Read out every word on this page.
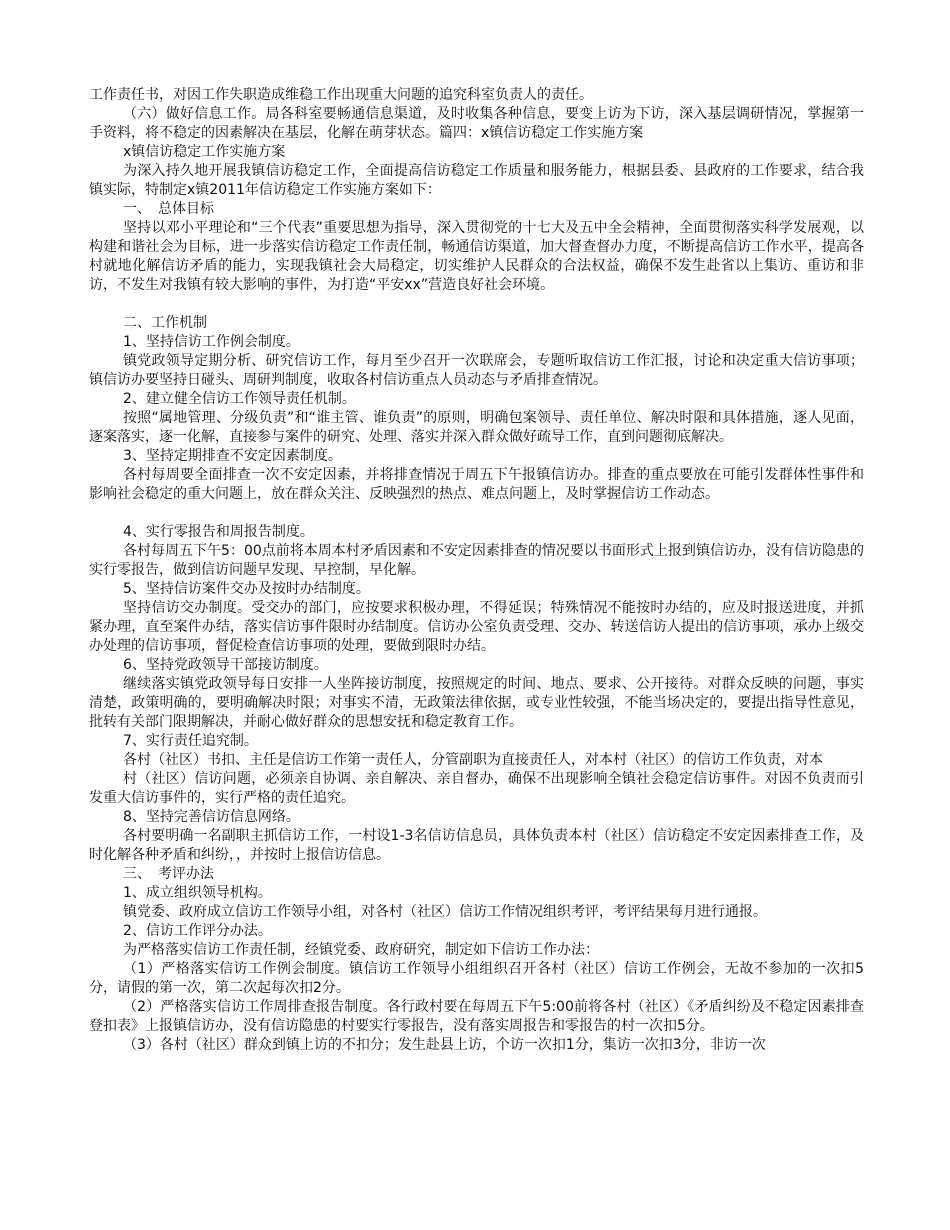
工作责任书，对因工作失职造成维稳工作出现重大问题的追究科室负责人的责任。

（六）做好信息工作。局各科室要畅通信息渠道，及时收集各种信息，要变上访为下访，深入基层调研情况，掌握第一手资料，将不稳定的因素解决在基层，化解在萌芽状态。篇四：x镇信访稳定工作实施方案

x镇信访稳定工作实施方案

为深入持久地开展我镇信访稳定工作，全面提高信访稳定工作质量和服务能力，根据县委、县政府的工作要求，结合我镇实际，特制定x镇2011年信访稳定工作实施方案如下：

一、　总体目标

坚持以邓小平理论和“三个代表”重要思想为指导，深入贯彻党的十七大及五中全会精神，全面贯彻落实科学发展观，以构建和谐社会为目标，进一步落实信访稳定工作责任制，畅通信访渠道，加大督查督办力度，不断提高信访工作水平，提高各村就地化解信访矛盾的能力，实现我镇社会大局稳定，切实维护人民群众的合法权益，确保不发生赴省以上集访、重访和非访，不发生对我镇有较大影响的事件，为打造“平安xx”营造良好社会环境。

二、工作机制

1、坚持信访工作例会制度。

镇党政领导定期分析、研究信访工作，每月至少召开一次联席会，专题听取信访工作汇报，讨论和决定重大信访事项；镇信访办要坚持日碰头、周研判制度，收取各村信访重点人员动态与矛盾排查情况。

2、建立健全信访工作领导责任机制。

按照“属地管理、分级负责”和“谁主管、谁负责”的原则，明确包案领导、责任单位、解决时限和具体措施，逐人见面，逐案落实，逐一化解，直接参与案件的研究、处理、落实并深入群众做好疏导工作，直到问题彻底解决。

3、坚持定期排查不安定因素制度。

各村每周要全面排查一次不安定因素，并将排查情况于周五下午报镇信访办。排查的重点要放在可能引发群体性事件和影响社会稳定的重大问题上，放在群众关注、反映强烈的热点、难点问题上，及时掌握信访工作动态。

4、实行零报告和周报告制度。

各村每周五下午5：00点前将本周本村矛盾因素和不安定因素排查的情况要以书面形式上报到镇信访办，没有信访隐患的实行零报告，做到信访问题早发现、早控制，早化解。

5、坚持信访案件交办及按时办结制度。

坚持信访交办制度。受交办的部门，应按要求积极办理，不得延误；特殊情况不能按时办结的，应及时报送进度，并抓紧办理，直至案件办结，落实信访事件限时办结制度。信访办公室负责受理、交办、转送信访人提出的信访事项，承办上级交办处理的信访事项，督促检查信访事项的处理，要做到限时办结。

6、坚持党政领导干部接访制度。

继续落实镇党政领导每日安排一人坐阵接访制度，按照规定的时间、地点、要求、公开接待。对群众反映的问题，事实清楚，政策明确的，要明确解决时限；对事实不清，无政策法律依据，或专业性较强，不能当场决定的，要提出指导性意见，批转有关部门限期解决，并耐心做好群众的思想安抚和稳定教育工作。

7、实行责任追究制。

各村（社区）书扣、主任是信访工作第一责任人，分管副职为直接责任人，对本村（社区）的信访工作负责，对本

村（社区）信访问题，必须亲自协调、亲自解决、亲自督办，确保不出现影响全镇社会稳定信访事件。对因不负责而引发重大信访事件的，实行严格的责任追究。

8、坚持完善信访信息网络。

各村要明确一名副职主抓信访工作，一村设1-3名信访信息员，具体负责本村（社区）信访稳定不安定因素排查工作，及时化解各种矛盾和纠纷，，并按时上报信访信息。

三、　考评办法

1、成立组织领导机构。

镇党委、政府成立信访工作领导小组，对各村（社区）信访工作情况组织考评，考评结果每月进行通报。

2、信访工作评分办法。

为严格落实信访工作责任制，经镇党委、政府研究，制定如下信访工作办法：

（1）严格落实信访工作例会制度。镇信访工作领导小组组织召开各村（社区）信访工作例会，无故不参加的一次扣5分，请假的第一次，第二次起每次扣2分。

（2）严格落实信访工作周排查报告制度。各行政村要在每周五下午5:00前将各村（社区）《矛盾纠纷及不稳定因素排查登扣表》上报镇信访办，没有信访隐患的村要实行零报告，没有落实周报告和零报告的村一次扣5分。

（3）各村（社区）群众到镇上访的不扣分；发生赴县上访，个访一次扣1分，集访一次扣3分，非访一次
